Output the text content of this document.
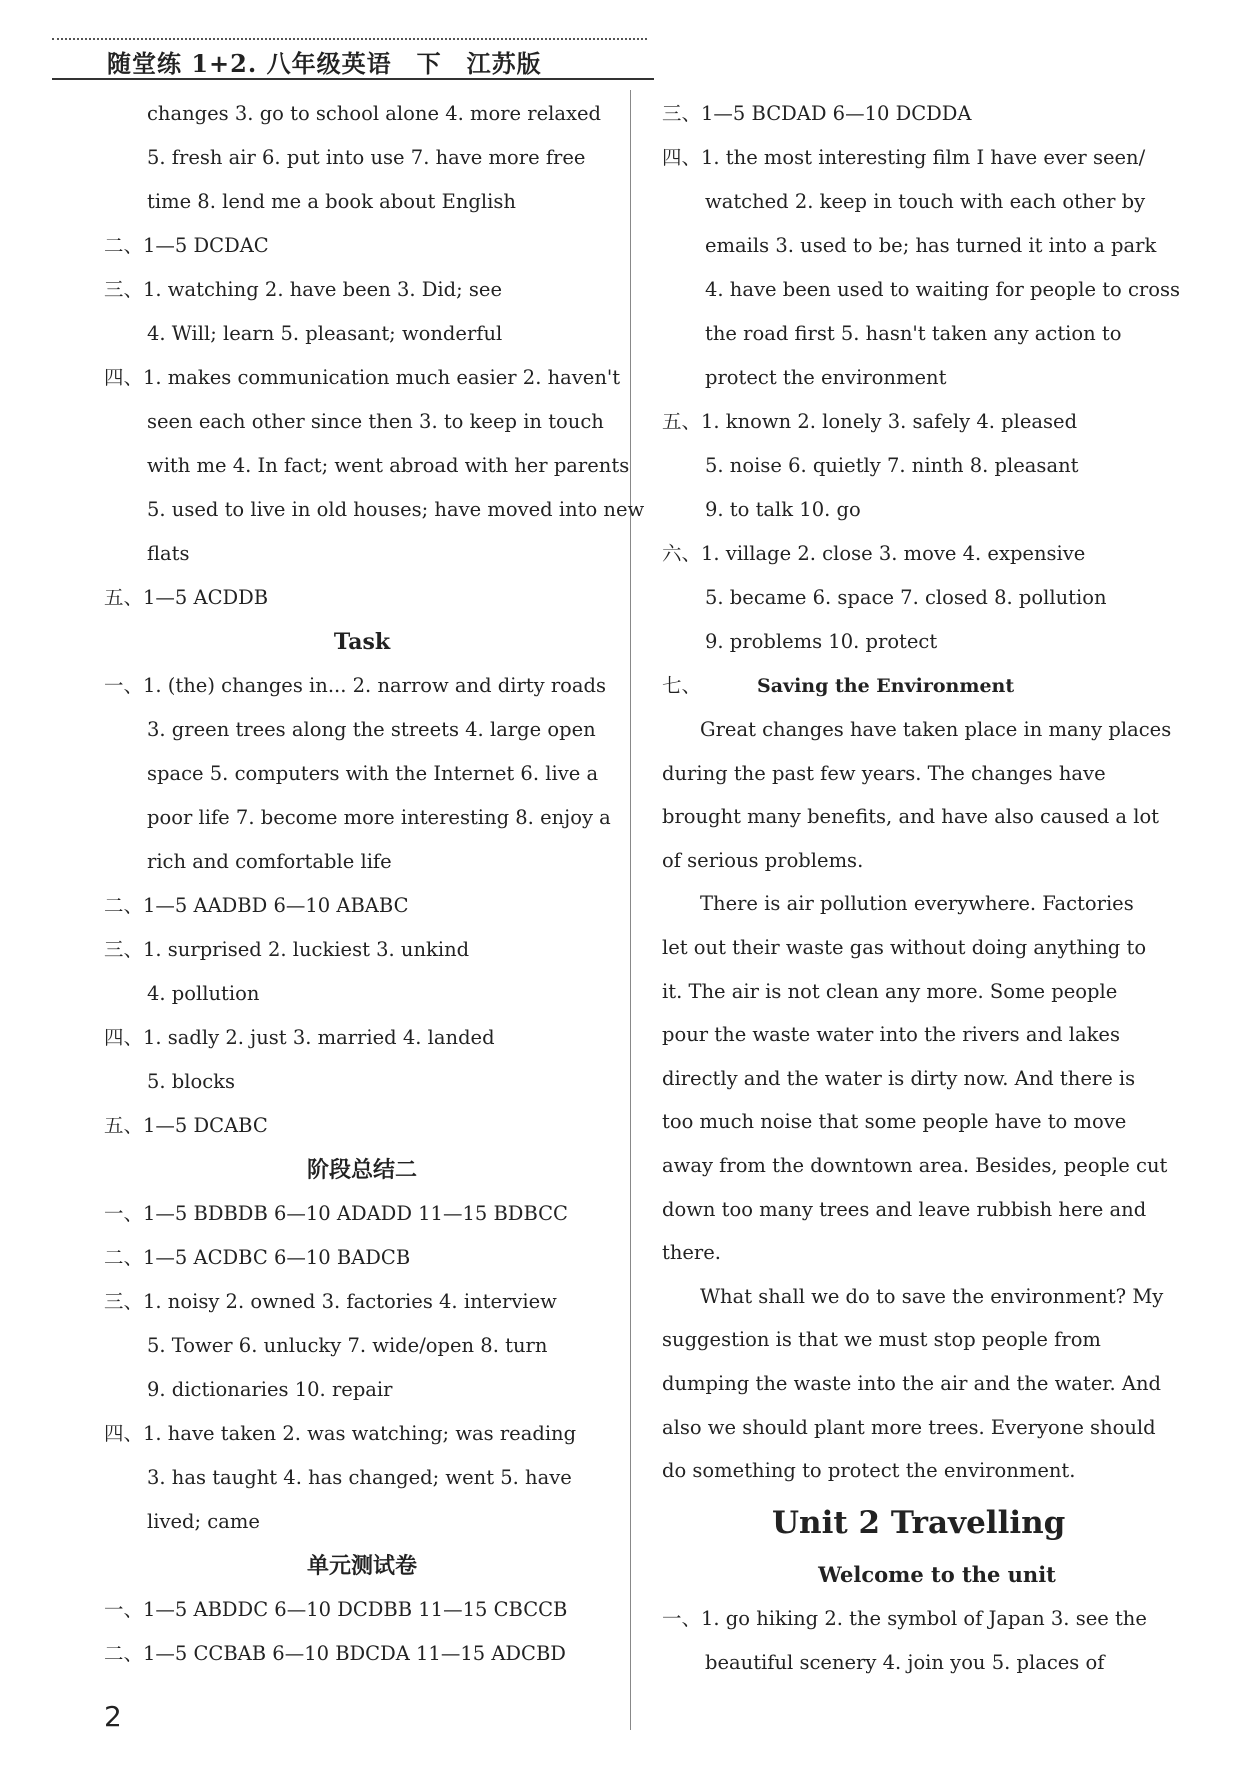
随堂练 1+2. 八年级英语　下　江苏版
changes 3. go to school alone 4. more relaxed
5. fresh air 6. put into use 7. have more free
time 8. lend me a book about English
二、1—5 DCDAC
三、1. watching 2. have been 3. Did; see
4. Will; learn 5. pleasant; wonderful
四、1. makes communication much easier 2. haven't
seen each other since then 3. to keep in touch
with me 4. In fact; went abroad with her parents
5. used to live in old houses; have moved into new
flats
五、1—5 ACDDB
Task
一、1. (the) changes in... 2. narrow and dirty roads
3. green trees along the streets 4. large open
space 5. computers with the Internet 6. live a
poor life 7. become more interesting 8. enjoy a
rich and comfortable life
二、1—5 AADBD 6—10 ABABC
三、1. surprised 2. luckiest 3. unkind
4. pollution
四、1. sadly 2. just 3. married 4. landed
5. blocks
五、1—5 DCABC
阶段总结二
一、1—5 BDBDB 6—10 ADADD 11—15 BDBCC
二、1—5 ACDBC 6—10 BADCB
三、1. noisy 2. owned 3. factories 4. interview
5. Tower 6. unlucky 7. wide/open 8. turn
9. dictionaries 10. repair
四、1. have taken 2. was watching; was reading
3. has taught 4. has changed; went 5. have
lived; came
单元测试卷
一、1—5 ABDDC 6—10 DCDBB 11—15 CBCCB
二、1—5 CCBAB 6—10 BDCDA 11—15 ADCBD
三、1—5 BCDAD 6—10 DCDDA
四、1. the most interesting film I have ever seen/
watched 2. keep in touch with each other by
emails 3. used to be; has turned it into a park
4. have been used to waiting for people to cross
the road first 5. hasn't taken any action to
protect the environment
五、1. known 2. lonely 3. safely 4. pleased
5. noise 6. quietly 7. ninth 8. pleasant
9. to talk 10. go
六、1. village 2. close 3. move 4. expensive
5. became 6. space 7. closed 8. pollution
9. problems 10. protect
七、	Saving the Environment
Great changes have taken place in many places
during the past few years. The changes have
brought many benefits, and have also caused a lot
of serious problems.
There is air pollution everywhere. Factories
let out their waste gas without doing anything to
it. The air is not clean any more. Some people
pour the waste water into the rivers and lakes
directly and the water is dirty now. And there is
too much noise that some people have to move
away from the downtown area. Besides, people cut
down too many trees and leave rubbish here and
there.
What shall we do to save the environment? My
suggestion is that we must stop people from
dumping the waste into the air and the water. And
also we should plant more trees. Everyone should
do something to protect the environment.
Unit 2 Travelling
Welcome to the unit
一、1. go hiking 2. the symbol of Japan 3. see the
beautiful scenery 4. join you 5. places of
2
